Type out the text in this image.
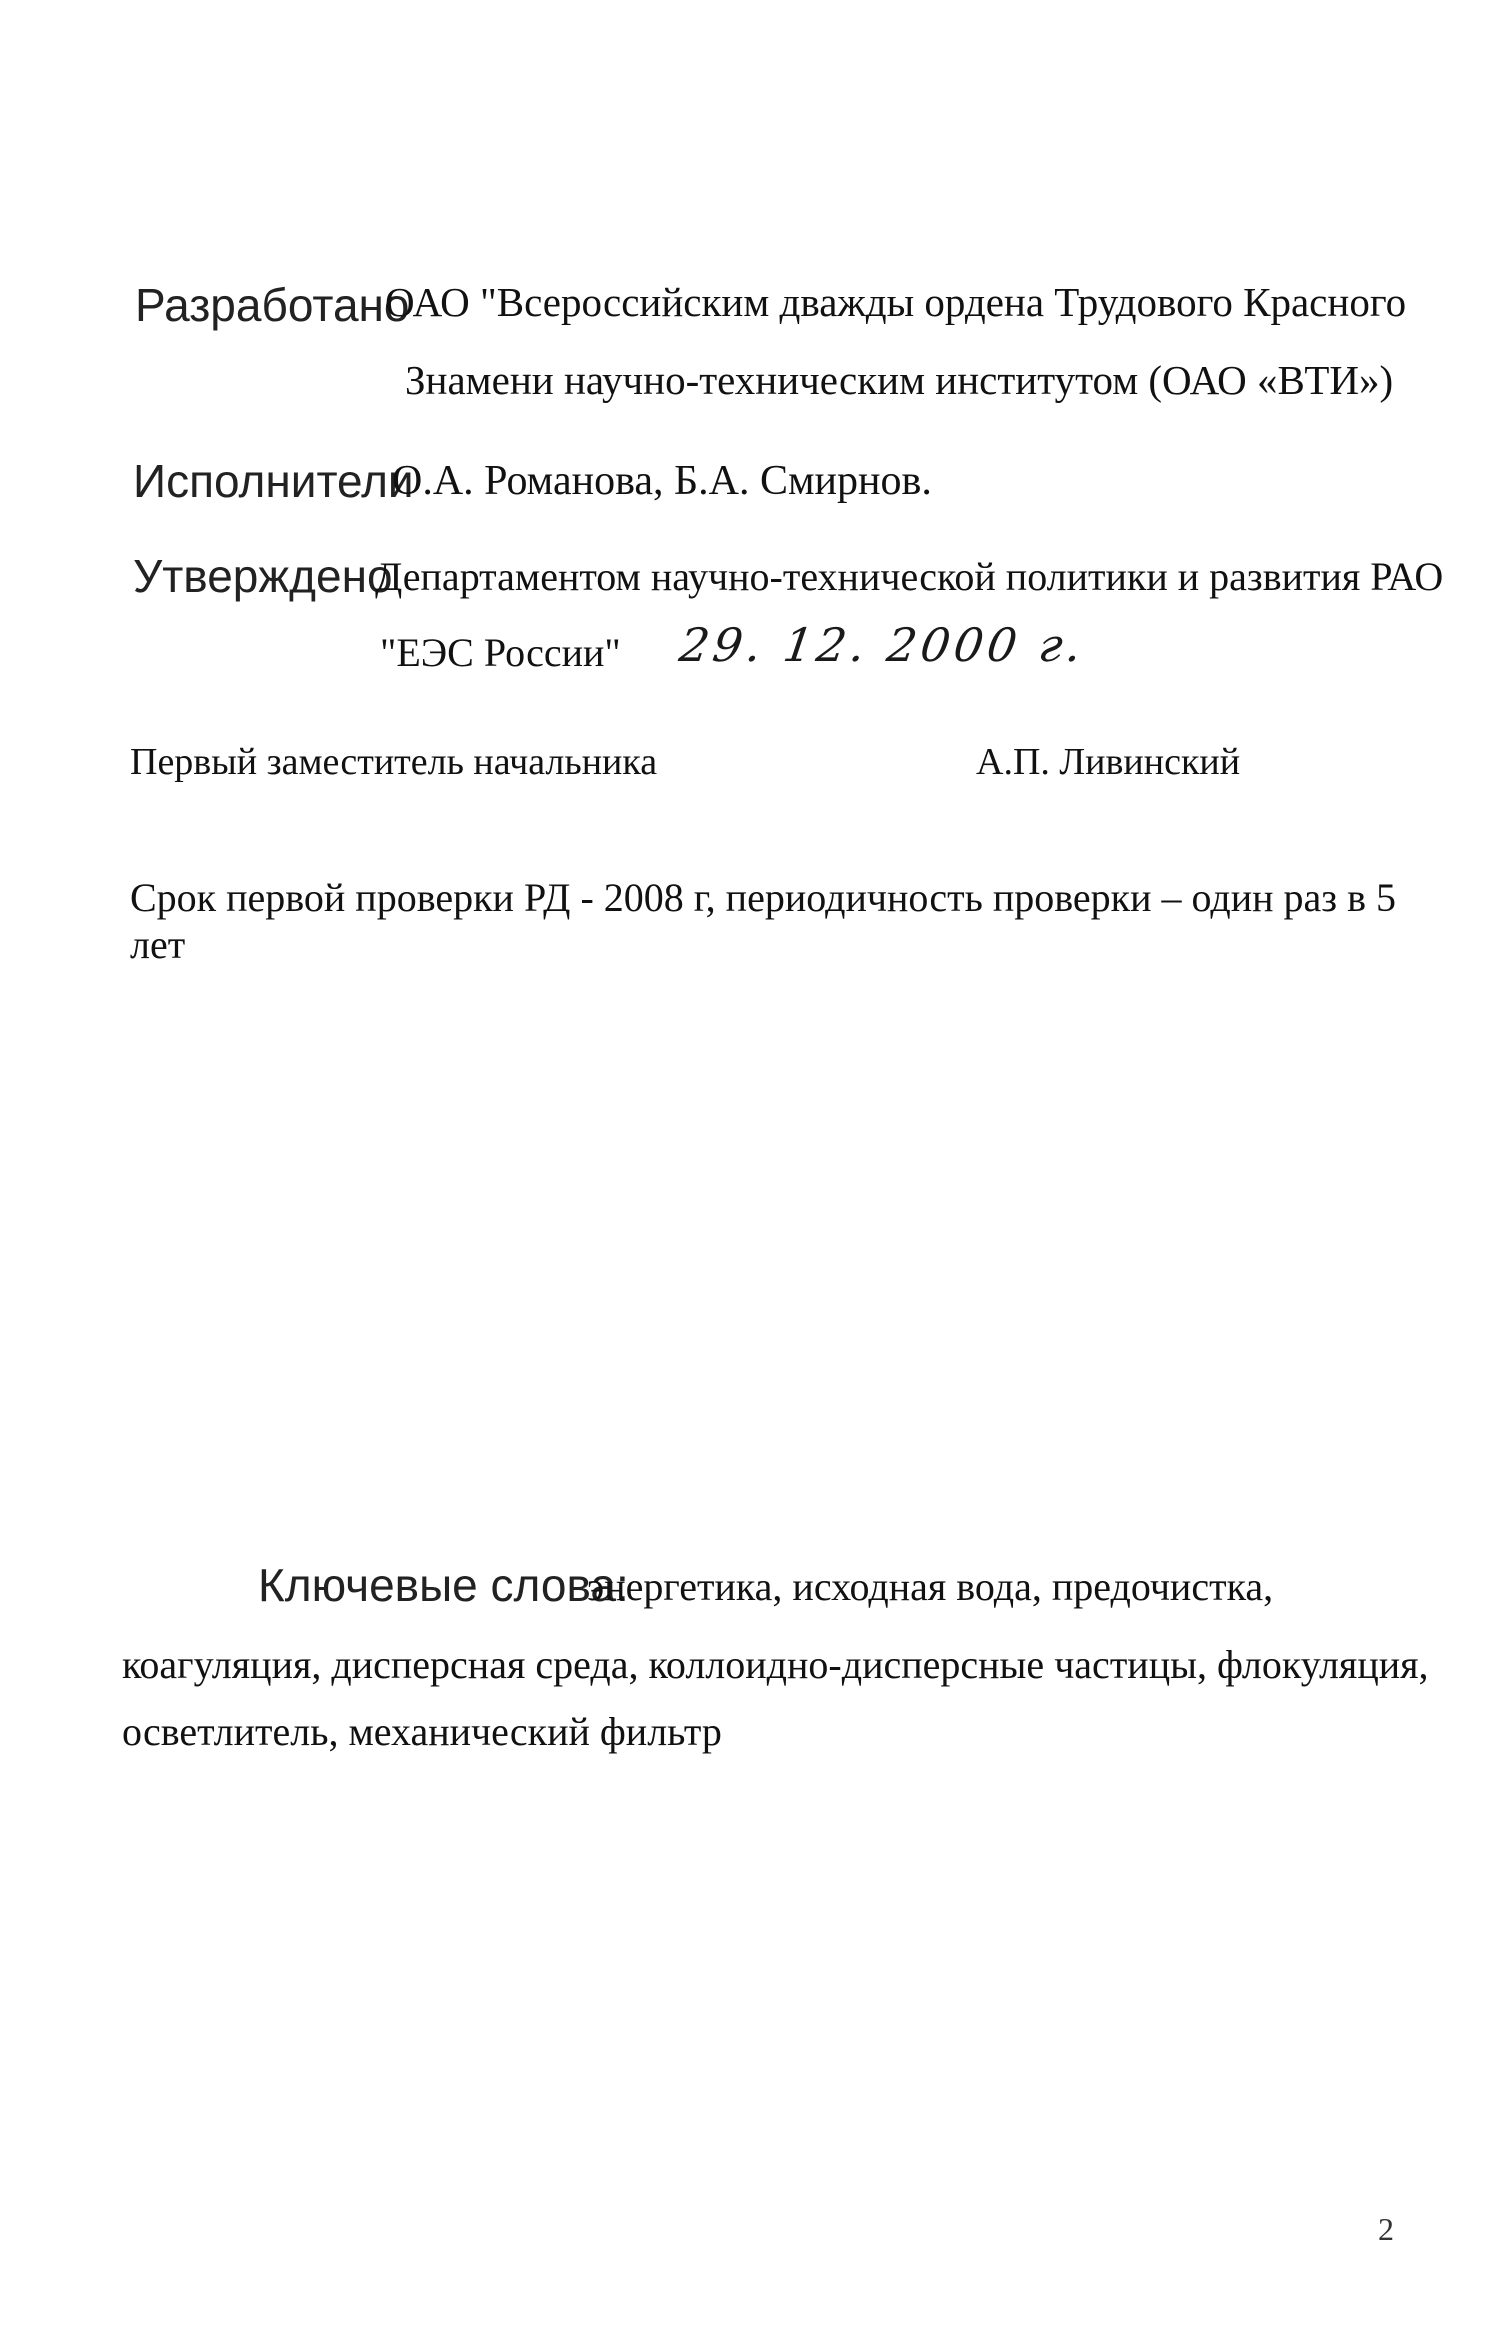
Разработано
ОАО "Всероссийским дважды ордена Трудового Красного
Знамени научно-техническим институтом (ОАО «ВТИ»)
Исполнители
О.А. Романова, Б.А. Смирнов.
Утверждено
Департаментом научно-технической политики и развития РАО
"ЕЭС России" 29. 12. 2000 г.
Первый заместитель начальника	А.П. Ливинский
Срок первой проверки РД - 2008 г, периодичность проверки – один раз в 5
лет
Ключевые слова:
энергетика, исходная вода, предочистка,
коагуляция, дисперсная среда, коллоидно-дисперсные частицы, флокуляция,
осветлитель, механический фильтр
2
